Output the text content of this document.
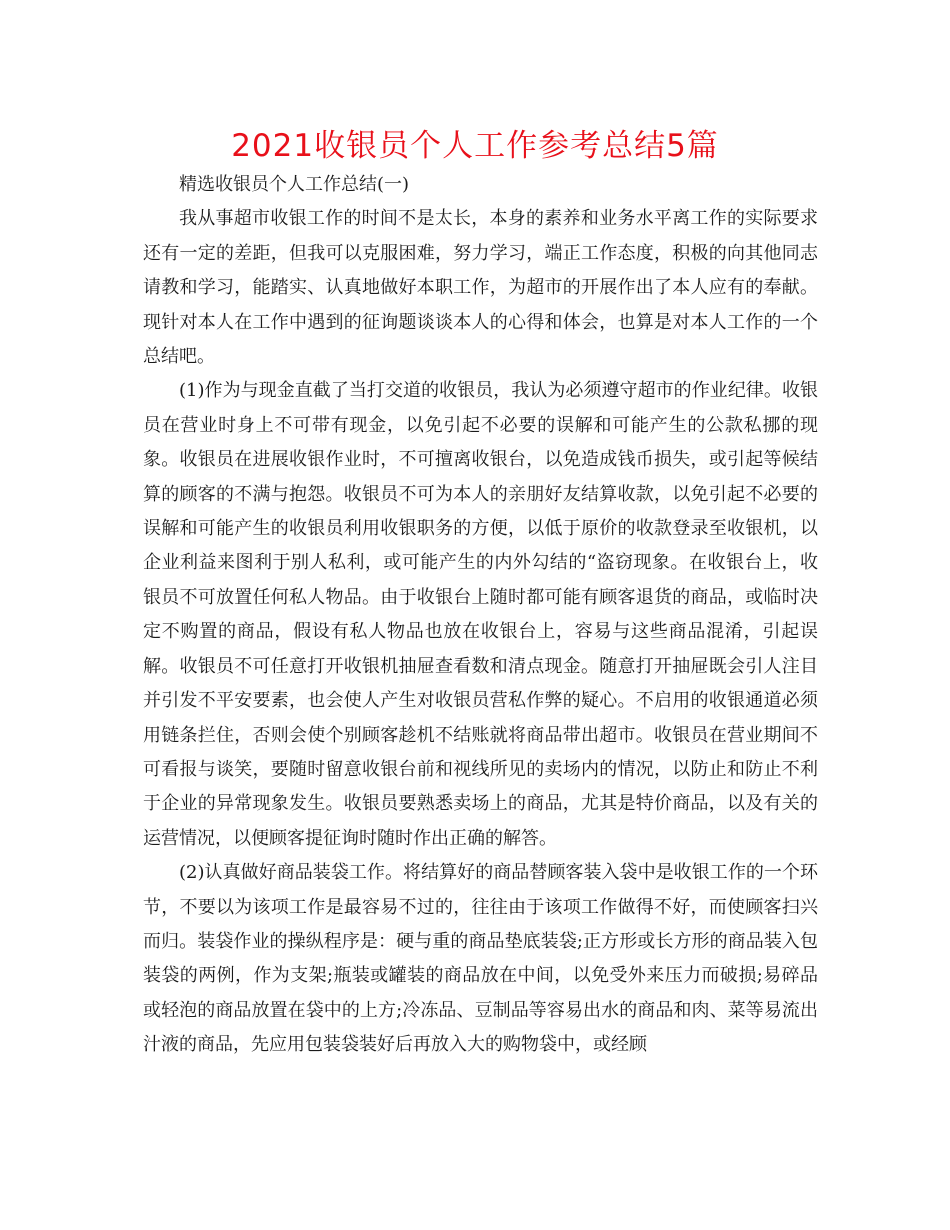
2021收银员个人工作参考总结5篇

精选收银员个人工作总结(一)

我从事超市收银工作的时间不是太长，本身的素养和业务水平离工作的实际要求还有一定的差距，但我可以克服困难，努力学习，端正工作态度，积极的向其他同志请教和学习，能踏实、认真地做好本职工作，为超市的开展作出了本人应有的奉献。现针对本人在工作中遇到的征询题谈谈本人的心得和体会，也算是对本人工作的一个总结吧。

(1)作为与现金直截了当打交道的收银员，我认为必须遵守超市的作业纪律。收银员在营业时身上不可带有现金，以免引起不必要的误解和可能产生的公款私挪的现象。收银员在进展收银作业时，不可擅离收银台，以免造成钱币损失，或引起等候结算的顾客的不满与抱怨。收银员不可为本人的亲朋好友结算收款，以免引起不必要的误解和可能产生的收银员利用收银职务的方便，以低于原价的收款登录至收银机，以企业利益来图利于别人私利，或可能产生的内外勾结的“盗窃现象。在收银台上，收银员不可放置任何私人物品。由于收银台上随时都可能有顾客退货的商品，或临时决定不购置的商品，假设有私人物品也放在收银台上，容易与这些商品混淆，引起误解。收银员不可任意打开收银机抽屉查看数和清点现金。随意打开抽屉既会引人注目并引发不平安要素，也会使人产生对收银员营私作弊的疑心。不启用的收银通道必须用链条拦住，否则会使个别顾客趁机不结账就将商品带出超市。收银员在营业期间不可看报与谈笑，要随时留意收银台前和视线所见的卖场内的情况，以防止和防止不利于企业的异常现象发生。收银员要熟悉卖场上的商品，尤其是特价商品，以及有关的运营情况，以便顾客提征询时随时作出正确的解答。

(2)认真做好商品装袋工作。将结算好的商品替顾客装入袋中是收银工作的一个环节，不要以为该项工作是最容易不过的，往往由于该项工作做得不好，而使顾客扫兴而归。装袋作业的操纵程序是：硬与重的商品垫底装袋;正方形或长方形的商品装入包装袋的两例，作为支架;瓶装或罐装的商品放在中间，以免受外来压力而破损;易碎品或轻泡的商品放置在袋中的上方;冷冻品、豆制品等容易出水的商品和肉、菜等易流出汁液的商品，先应用包装袋装好后再放入大的购物袋中，或经顾
